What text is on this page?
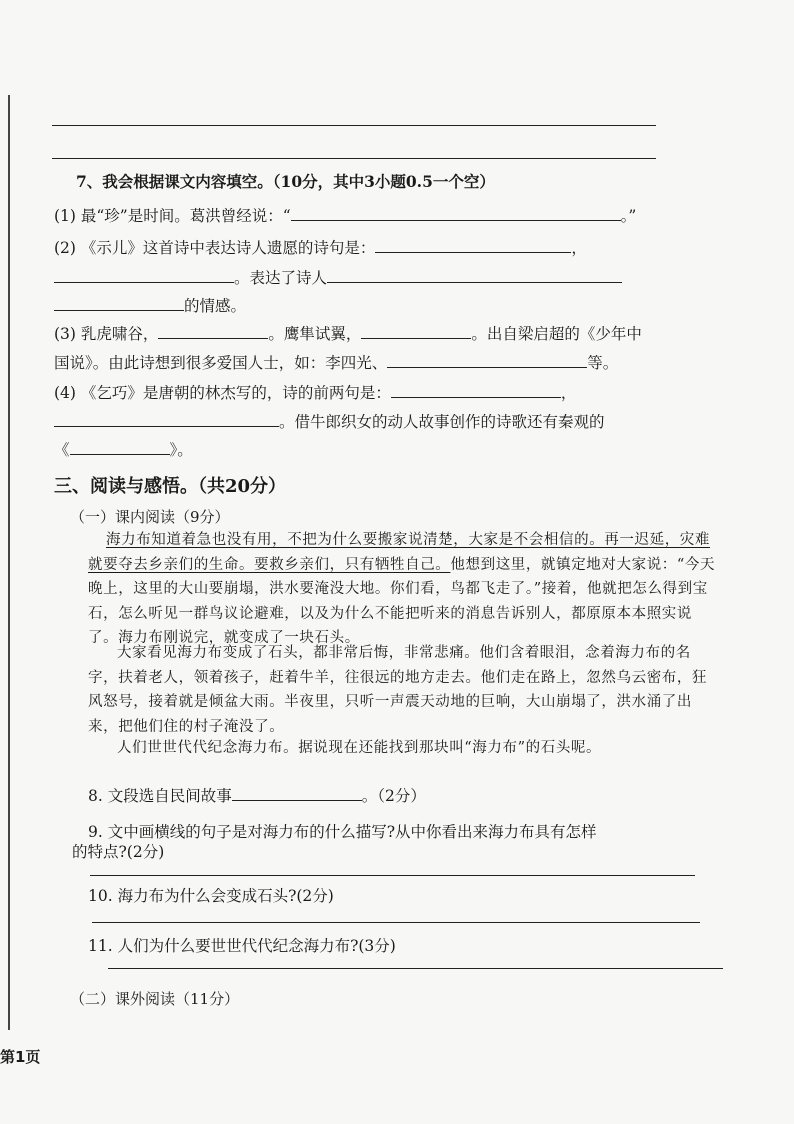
7、我会根据课文内容填空。（10分，其中3小题0.5一个空）
(1) 最“珍”是时间。葛洪曾经说：“	。”
(2) 《示儿》这首诗中表达诗人遗愿的诗句是：	，
。表达了诗人
的情感。
(3) 乳虎啸谷，	。鹰隼试翼，	。出自梁启超的《少年中
国说》。由此诗想到很多爱国人士，如：李四光、	等。
(4) 《乞巧》是唐朝的林杰写的，诗的前两句是：	，
。借牛郎织女的动人故事创作的诗歌还有秦观的
《	》。
三、阅读与感悟。（共20分）
（一）课内阅读（9分）
海力布知道着急也没有用，不把为什么要搬家说清楚，大家是不会相信的。再一迟延，灾难就要夺去乡亲们的生命。要救乡亲们，只有牺牲自己。他想到这里，就镇定地对大家说：“今天晚上，这里的大山要崩塌，洪水要淹没大地。你们看，鸟都飞走了。”接着，他就把怎么得到宝石，怎么听见一群鸟议论避难，以及为什么不能把听来的消息告诉别人，都原原本本照实说了。海力布刚说完，就变成了一块石头。
大家看见海力布变成了石头，都非常后悔，非常悲痛。他们含着眼泪，念着海力布的名字，扶着老人，领着孩子，赶着牛羊，往很远的地方走去。他们走在路上，忽然乌云密布，狂风怒号，接着就是倾盆大雨。半夜里，只听一声震天动地的巨响，大山崩塌了，洪水涌了出来，把他们住的村子淹没了。
人们世世代代纪念海力布。据说现在还能找到那块叫“海力布”的石头呢。
8. 文段选自民间故事	。（2分）
9. 文中画横线的句子是对海力布的什么描写?从中你看出来海力布具有怎样
的特点?(2分)
10. 海力布为什么会变成石头?(2分)
11. 人们为什么要世世代代纪念海力布?(3分)
（二）课外阅读（11分）
第1页
